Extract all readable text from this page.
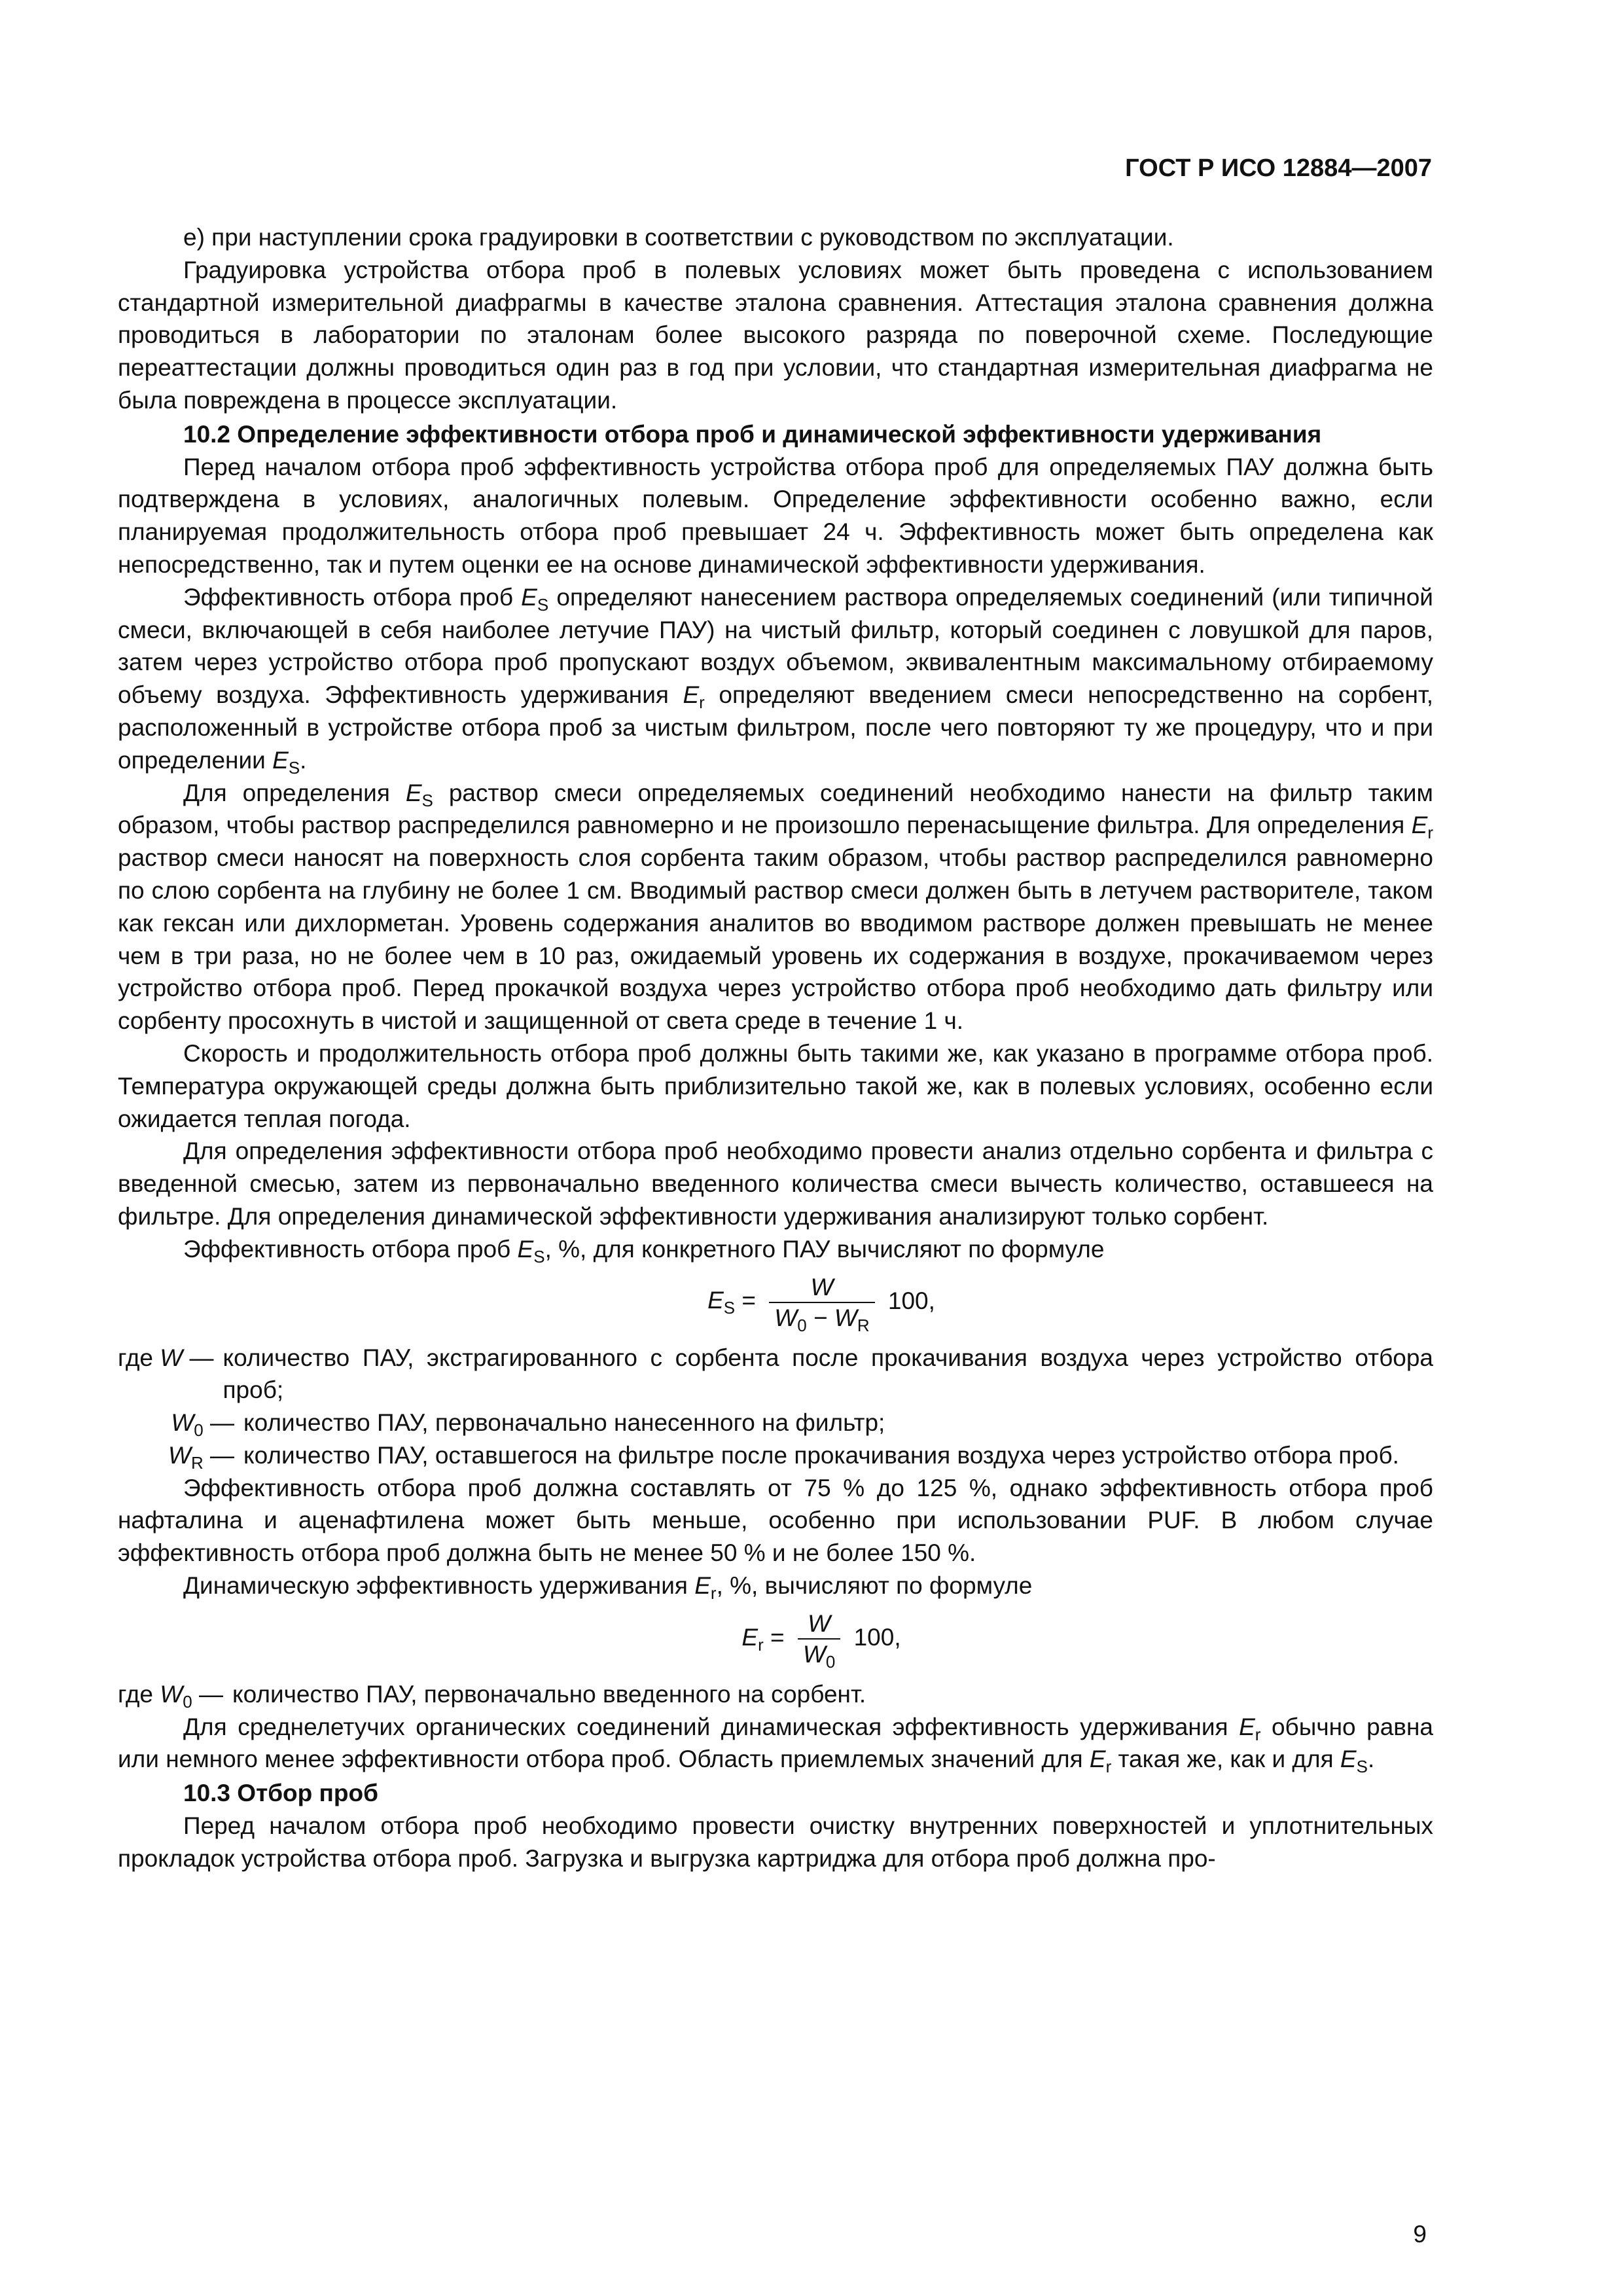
ГОСТ Р ИСО 12884—2007

е) при наступлении срока градуировки в соответствии с руководством по эксплуатации.

Градуировка устройства отбора проб в полевых условиях может быть проведена с использованием стандартной измерительной диафрагмы в качестве эталона сравнения. Аттестация эталона сравнения должна проводиться в лаборатории по эталонам более высокого разряда по поверочной схеме. Последующие переаттестации должны проводиться один раз в год при условии, что стандартная измерительная диафрагма не была повреждена в процессе эксплуатации.

10.2 Определение эффективности отбора проб и динамической эффективности удерживания

Перед началом отбора проб эффективность устройства отбора проб для определяемых ПАУ должна быть подтверждена в условиях, аналогичных полевым. Определение эффективности особенно важно, если планируемая продолжительность отбора проб превышает 24 ч. Эффективность может быть определена как непосредственно, так и путем оценки ее на основе динамической эффективности удерживания.

Эффективность отбора проб $E_S$ определяют нанесением раствора определяемых соединений (или типичной смеси, включающей в себя наиболее летучие ПАУ) на чистый фильтр, который соединен с ловушкой для паров, затем через устройство отбора проб пропускают воздух объемом, эквивалентным максимальному отбираемому объему воздуха. Эффективность удерживания $E_r$ определяют введением смеси непосредственно на сорбент, расположенный в устройстве отбора проб за чистым фильтром, после чего повторяют ту же процедуру, что и при определении $E_S$.

Для определения $E_S$ раствор смеси определяемых соединений необходимо нанести на фильтр таким образом, чтобы раствор распределился равномерно и не произошло перенасыщение фильтра. Для определения $E_r$ раствор смеси наносят на поверхность слоя сорбента таким образом, чтобы раствор распределился равномерно по слою сорбента на глубину не более 1 см. Вводимый раствор смеси должен быть в летучем растворителе, таком как гексан или дихлорметан. Уровень содержания аналитов во вводимом растворе должен превышать не менее чем в три раза, но не более чем в 10 раз, ожидаемый уровень их содержания в воздухе, прокачиваемом через устройство отбора проб. Перед прокачкой воздуха через устройство отбора проб необходимо дать фильтру или сорбенту просохнуть в чистой и защищенной от света среде в течение 1 ч.

Скорость и продолжительность отбора проб должны быть такими же, как указано в программе отбора проб. Температура окружающей среды должна быть приблизительно такой же, как в полевых условиях, особенно если ожидается теплая погода.

Для определения эффективности отбора проб необходимо провести анализ отдельно сорбента и фильтра с введенной смесью, затем из первоначально введенного количества смеси вычесть количество, оставшееся на фильтре. Для определения динамической эффективности удерживания анализируют только сорбент.

Эффективность отбора проб $E_S$, %, для конкретного ПАУ вычисляют по формуле

$E_S = \frac{W}{W_0 - W_R} 100$,
где W — количество ПАУ, экстрагированного с сорбента после прокачивания воздуха через устройство отбора проб;
$W_0$ — количество ПАУ, первоначально нанесенного на фильтр;
$W_R$ — количество ПАУ, оставшегося на фильтре после прокачивания воздуха через устройство отбора проб.

Эффективность отбора проб должна составлять от 75 % до 125 %, однако эффективность отбора проб нафталина и аценафтилена может быть меньше, особенно при использовании PUF. В любом случае эффективность отбора проб должна быть не менее 50 % и не более 150 %.

Динамическую эффективность удерживания $E_r$, %, вычисляют по формуле

$E_r = \frac{W}{W_0} 100$,
где $W_0$ — количество ПАУ, первоначально введенного на сорбент.

Для среднелетучих органических соединений динамическая эффективность удерживания $E_r$ обычно равна или немного менее эффективности отбора проб. Область приемлемых значений для $E_r$ такая же, как и для $E_S$.

10.3 Отбор проб

Перед началом отбора проб необходимо провести очистку внутренних поверхностей и уплотнительных прокладок устройства отбора проб. Загрузка и выгрузка картриджа для отбора проб должна про-

9
